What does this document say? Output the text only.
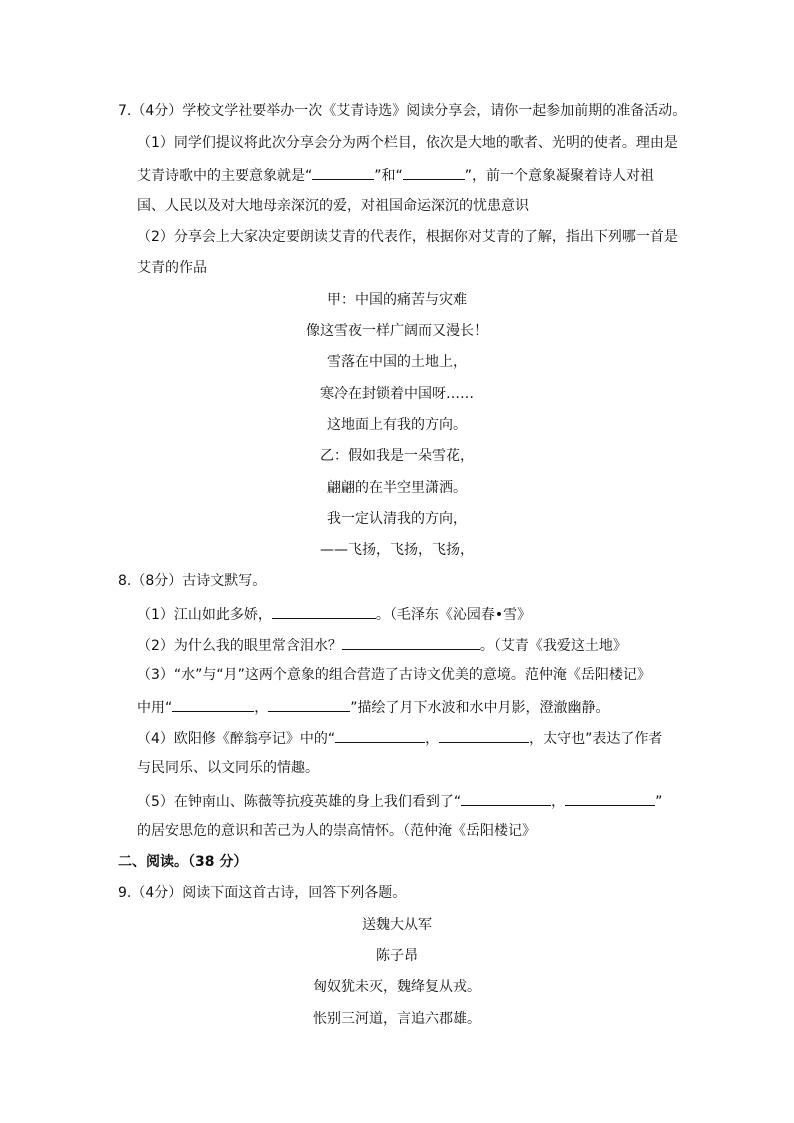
7.（4分）学校文学社要举办一次《艾青诗选》阅读分享会，请你一起参加前期的准备活动。
（1）同学们提议将此次分享会分为两个栏目，依次是大地的歌者、光明的使者。理由是
艾青诗歌中的主要意象就是“	”和“	”，前一个意象凝聚着诗人对祖
国、人民以及对大地母亲深沉的爱，对祖国命运深沉的忧患意识
（2）分享会上大家决定要朗读艾青的代表作，根据你对艾青的了解，指出下列哪一首是
艾青的作品
甲：中国的痛苦与灾难
像这雪夜一样广阔而又漫长！
雪落在中国的土地上，
寒冷在封锁着中国呀……
这地面上有我的方向。
乙：假如我是一朵雪花，
翩翩的在半空里潇洒。
我一定认清我的方向，
——飞扬，飞扬，飞扬，
8.（8分）古诗文默写。
（1）江山如此多娇，	。（毛泽东《沁园春•雪》
（2）为什么我的眼里常含泪水？	。（艾青《我爱这土地》
（3）“水”与“月”这两个意象的组合营造了古诗文优美的意境。范仲淹《岳阳楼记》
中用“	，	”描绘了月下水波和水中月影，澄澈幽静。
（4）欧阳修《醉翁亭记》中的“	，	，太守也”表达了作者
与民同乐、以文同乐的情趣。
（5）在钟南山、陈薇等抗疫英雄的身上我们看到了“	，	”
的居安思危的意识和苦己为人的崇高情怀。（范仲淹《岳阳楼记》
二、阅读。（38 分）
9.（4分）阅读下面这首古诗，回答下列各题。
送魏大从军
陈子昂
匈奴犹未灭，魏绛复从戎。
怅别三河道，言追六郡雄。
